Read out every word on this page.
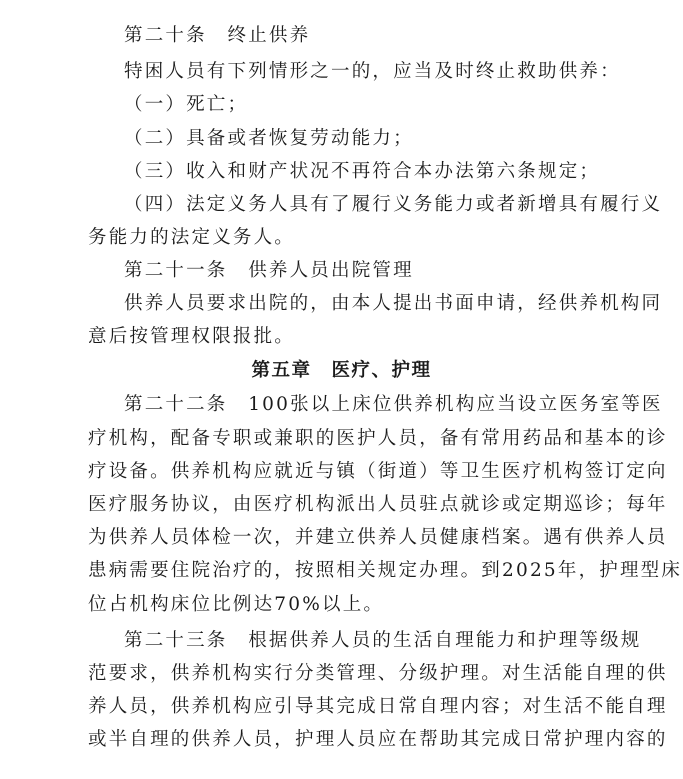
第二十条　终止供养
特困人员有下列情形之一的，应当及时终止救助供养：
（一）死亡；
（二）具备或者恢复劳动能力；
（三）收入和财产状况不再符合本办法第六条规定；
（四）法定义务人具有了履行义务能力或者新增具有履行义
务能力的法定义务人。
第二十一条　供养人员出院管理
供养人员要求出院的，由本人提出书面申请，经供养机构同
意后按管理权限报批。
第五章　医疗、护理
第二十二条　100张以上床位供养机构应当设立医务室等医
疗机构，配备专职或兼职的医护人员，备有常用药品和基本的诊
疗设备。供养机构应就近与镇（街道）等卫生医疗机构签订定向
医疗服务协议，由医疗机构派出人员驻点就诊或定期巡诊；每年
为供养人员体检一次，并建立供养人员健康档案。遇有供养人员
患病需要住院治疗的，按照相关规定办理。到2025年，护理型床
位占机构床位比例达70%以上。
第二十三条　根据供养人员的生活自理能力和护理等级规
范要求，供养机构实行分类管理、分级护理。对生活能自理的供
养人员，供养机构应引导其完成日常自理内容；对生活不能自理
或半自理的供养人员，护理人员应在帮助其完成日常护理内容的
